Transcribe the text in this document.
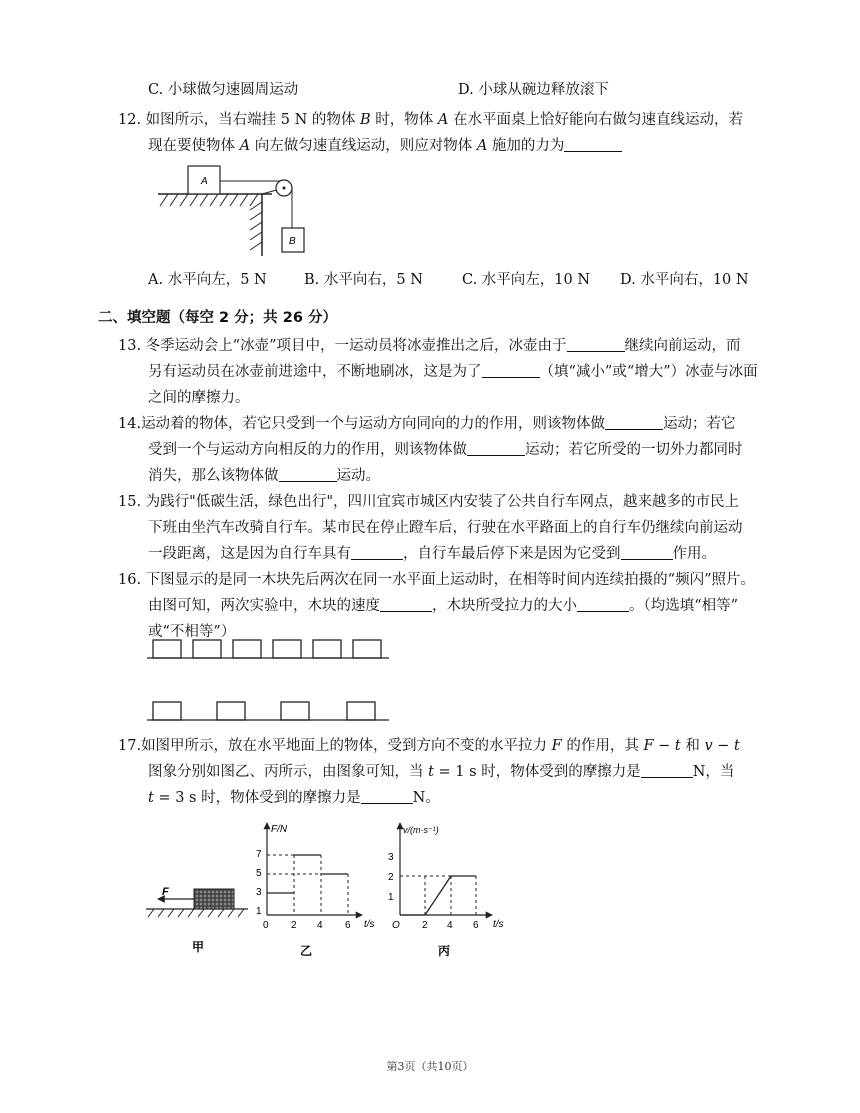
C. 小球做匀速圆周运动	D. 小球从碗边释放滚下
12. 如图所示，当右端挂 5 N 的物体 B 时，物体 A 在水平面桌上恰好能向右做匀速直线运动，若
现在要使物体 A 向左做匀速直线运动，则应对物体 A 施加的力为
A
B
A. 水平向左，5 N	B. 水平向右，5 N	C. 水平向左，10 N D. 水平向右，10 N
二、填空题（每空 2 分；共 26 分）
13. 冬季运动会上“冰壶”项目中，一运动员将冰壶推出之后，冰壶由于	继续向前运动，而
另有运动员在冰壶前进途中，不断地刷冰，这是为了	（填“减小”或“增大”）冰壶与冰面
之间的摩擦力。
14.运动着的物体，若它只受到一个与运动方向同向的力的作用，则该物体做	运动；若它
受到一个与运动方向相反的力的作用，则该物体做	运动；若它所受的一切外力都同时
消失，那么该物体做	运动。
15. 为践行"低碳生活，绿色出行"，四川宜宾市城区内安装了公共自行车网点，越来越多的市民上
下班由坐汽车改骑自行车。某市民在停止蹬车后，行驶在水平路面上的自行车仍继续向前运动
一段距离，这是因为自行车具有	，自行车最后停下来是因为它受到	作用。
16. 下图显示的是同一木块先后两次在同一水平面上运动时，在相等时间内连续拍摄的“频闪”照片。
由图可知，两次实验中，木块的速度	，木块所受拉力的大小	。（均选填“相等”
或“不相等”）
17.如图甲所示，放在水平地面上的物体，受到方向不变的水平拉力 F 的作用，其 F − t 和 v − t
图象分别如图乙、丙所示，由图象可知，当 t = 1 s 时，物体受到的摩擦力是	N，当
t = 3 s 时，物体受到的摩擦力是	N。
F
甲
F/N
t/s
7
5
3
1
0 2 4 6
乙
v/(m·s⁻¹)
t/s
3
2
1
O 2 4 6
丙
第3页（共10页）
